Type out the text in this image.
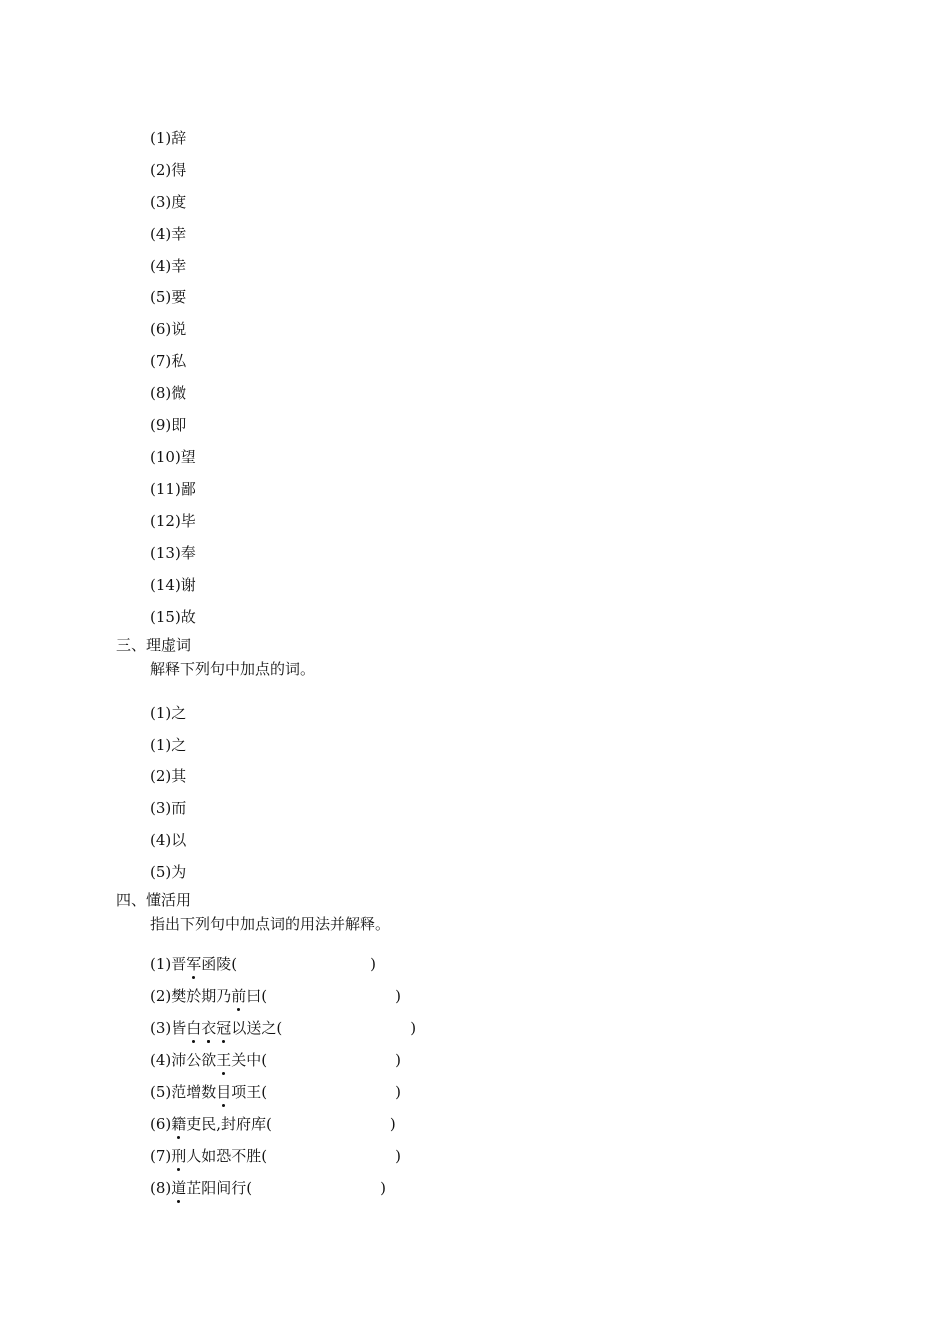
(1)辞
(2)得
(3)度
(4)幸
(4)幸
(5)要
(6)说
(7)私
(8)微
(9)即
(10)望
(11)鄙
(12)毕
(13)奉
(14)谢
(15)故
三、理虚词
解释下列句中加点的词。
(1)之
(1)之
(2)其
(3)而
(4)以
(5)为
四、懂活用
指出下列句中加点词的用法并解释。
(1)晋军函陵(	)
(2)樊於期乃前曰(	)
(3)皆白衣冠以送之(	)
(4)沛公欲王关中(	)
(5)范增数目项王(	)
(6)籍吏民,封府库(	)
(7)刑人如恐不胜(	)
(8)道芷阳间行(	)
